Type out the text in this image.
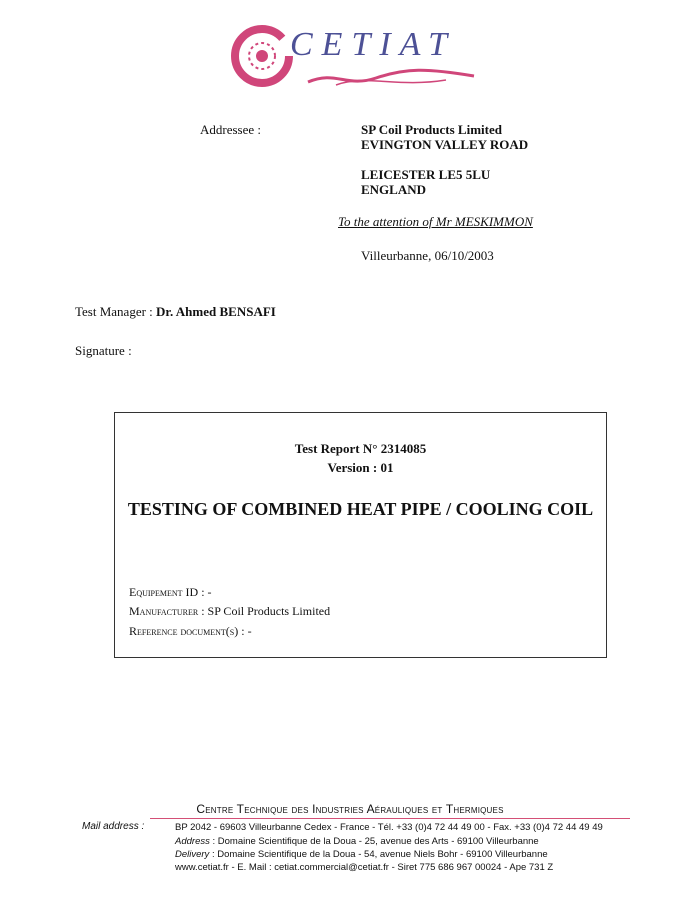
CETIAT
Addressee :	SP Coil Products Limited
EVINGTON VALLEY ROAD
LEICESTER LE5 5LU
ENGLAND
To the attention of Mr MESKIMMON
Villeurbanne, 06/10/2003
Test Manager : Dr. Ahmed BENSAFI
Signature :
Test Report N° 2314085
Version : 01
TESTING OF COMBINED HEAT PIPE / COOLING COIL
Equipement ID : -
Manufacturer : SP Coil Products Limited
Reference document(s) : -
Centre Technique des Industries Aérauliques et Thermiques
Mail address :	BP 2042 - 69603 Villeurbanne Cedex - France - Tél. +33 (0)4 72 44 49 00 - Fax. +33 (0)4 72 44 49 49
Address : Domaine Scientifique de la Doua - 25, avenue des Arts - 69100 Villeurbanne
Delivery : Domaine Scientifique de la Doua - 54, avenue Niels Bohr - 69100 Villeurbanne
www.cetiat.fr - E. Mail : cetiat.commercial@cetiat.fr - Siret 775 686 967 00024 - Ape 731 Z
